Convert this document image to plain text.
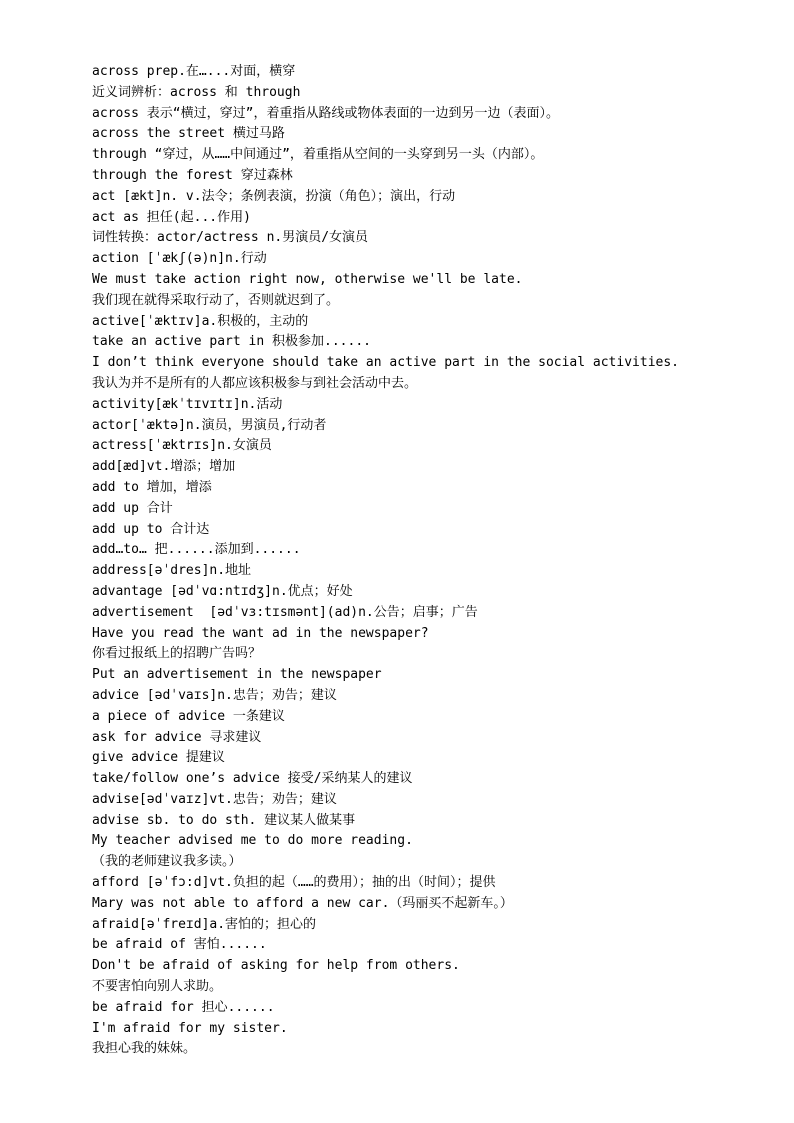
across prep.在…...对面，横穿
近义词辨析：across 和 through
across 表示“横过，穿过”，着重指从路线或物体表面的一边到另一边（表面）。
across the street 横过马路
through “穿过，从……中间通过”，着重指从空间的一头穿到另一头（内部）。
through the forest 穿过森林
act [ækt]n. v.法令；条例表演，扮演（角色）；演出，行动
act as 担任(起...作用)
词性转换：actor/actress n.男演员/女演员
action [ˈækʃ(ə)n]n.行动
We must take action right now, otherwise we'll be late.
我们现在就得采取行动了，否则就迟到了。
active[ˈæktɪv]a.积极的，主动的
take an active part in 积极参加......
I don’t think everyone should take an active part in the social activities.
我认为并不是所有的人都应该积极参与到社会活动中去。
activity[ækˈtɪvɪtɪ]n.活动
actor[ˈæktə]n.演员，男演员,行动者
actress[ˈæktrɪs]n.女演员
add[æd]vt.增添；增加
add to 增加，增添
add up 合计
add up to 合计达
add…to… 把......添加到......
address[əˈdres]n.地址
advantage [ədˈvɑ:ntɪdʒ]n.优点；好处
advertisement  [ədˈvɜ:tɪsmənt](ad)n.公告；启事；广告
Have you read the want ad in the newspaper?
你看过报纸上的招聘广告吗？
Put an advertisement in the newspaper
advice [ədˈvaɪs]n.忠告；劝告；建议
a piece of advice 一条建议
ask for advice 寻求建议
give advice 提建议
take/follow one’s advice 接受/采纳某人的建议
advise[ədˈvaɪz]vt.忠告；劝告；建议
advise sb. to do sth. 建议某人做某事
My teacher advised me to do more reading.
（我的老师建议我多读。）
afford [əˈfɔ:d]vt.负担的起（……的费用）；抽的出（时间）；提供
Mary was not able to afford a new car.（玛丽买不起新车。）
afraid[əˈfreɪd]a.害怕的；担心的
be afraid of 害怕......
Don't be afraid of asking for help from others.
不要害怕向别人求助。
be afraid for 担心......
I'm afraid for my sister.
我担心我的妹妹。
